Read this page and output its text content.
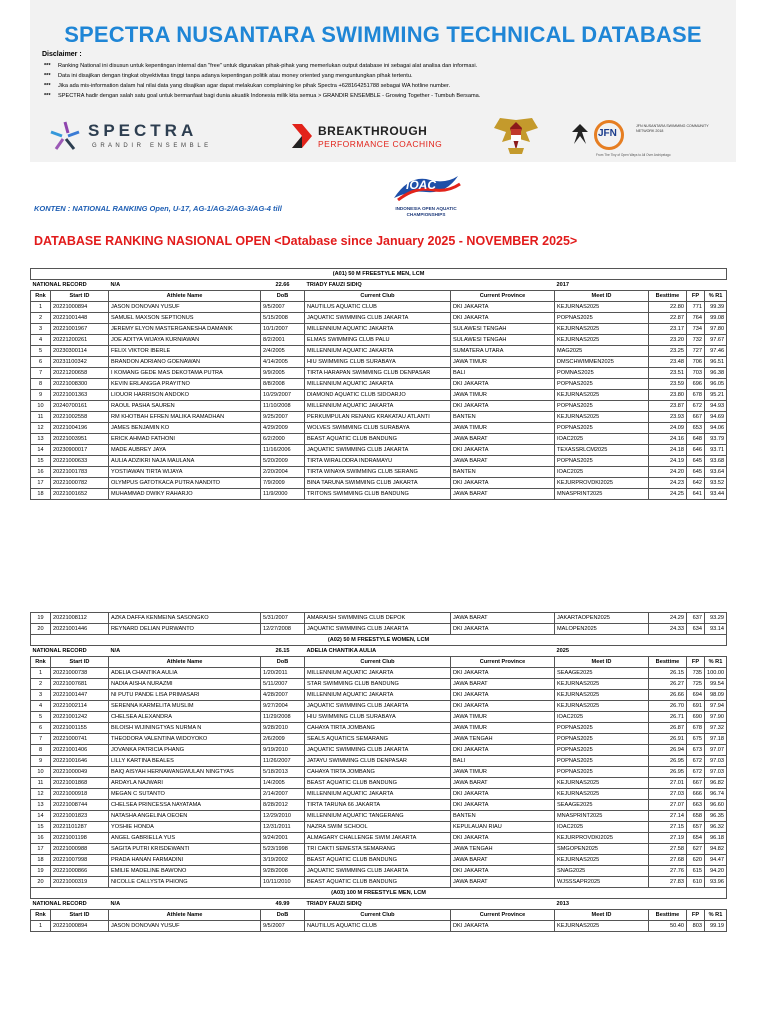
SPECTRA NUSANTARA SWIMMING TECHNICAL DATABASE
Disclaimer :
*** Ranking National ini disusun untuk kepentingan internal dan "free" untuk digunakan pihak-pihak yang memerlukan output database ini sebagai alat analisa dan informasi.
*** Data ini disajikan dengan tingkat obyektivitas tinggi tanpa adanya kepentingan politik atau money oriented yang menguntungkan pihak tertentu.
*** Jika ada mis-information dalam hal nilai data yang disajikan agar dapat melakukan complaining ke pihak Spectra +628164251788 sebagai WA hotline number.
*** SPECTRA hadir dengan salah satu goal untuk bermanfaat bagi dunia akuatik Indonesia milik kita semua > GRANDIR ENSEMBLE - Growing Together - Tumbuh Bersama.
SPECTRA
G R A N D I R   E N S E M B L E
BREAKTHROUGH
PERFORMANCE COACHING
JFN
JFN NUSANTARA SWIMMING COMMUNITY NETWORK 2018
From The Tiny of Open Ways to All Over Archipelago
KONTEN : NATIONAL RANKING Open, U-17, AG-1/AG-2/AG-3/AG-4 till
IOAC
INDONESIA OPEN AQUATIC CHAMPIONSHIPS
DATABASE RANKING NASIONAL OPEN <Database since January 2025 - NOVEMBER 2025>
(A01) 50 M FREESTYLE MEN, LCM									
NATIONAL RECORD		N/A	22.66	TRIADY FAUZI SIDIQ		2017			
Rnk	Start ID	Athlete Name	DoB	Current Club	Current Province	Meet ID	Besttime	FP	% R1
1	20221000894	JASON DONOVAN YUSUF	9/5/2007	NAUTILUS AQUATIC CLUB	DKI JAKARTA	KEJURNAS2025	22.80	771	99.39
2	20221001448	SAMUEL MAXSON SEPTIONUS	5/15/2008	JAQUATIC SWIMMING CLUB JAKARTA	DKI JAKARTA	POPNAS2025	22.87	764	99.08
3	20221001967	JEREMY ELYON MASTERGANESHA DAMANIK	10/1/2007	MILLENNIUM AQUATIC JAKARTA	SULAWESI TENGAH	KEJURNAS2025	23.17	734	97.80
4	20221200261	JOE ADITYA WIJAYA KURNIAWAN	8/2/2001	ELMAS SWIMMING CLUB PALU	SULAWESI TENGAH	KEJURNAS2025	23.20	732	97.67
5	20230300114	FELIX VIKTOR IBERLE	2/4/2005	MILLENNIUM AQUATIC JAKARTA	SUMATERA UTARA	MAG2025	23.25	727	97.46
6	20231100342	BRANDON ADRIANO GOENAWAN	4/14/2005	HIU SWIMMING CLUB SURABAYA	JAWA TIMUR	DMSCHWIMMEN2025	23.48	706	96.51
7	20221200658	I KOMANG GEDE MAS DEKOTAMA PUTRA	9/9/2005	TIRTA HARAPAN SWIMMING CLUB DENPASAR	BALI	POMNAS2025	23.51	703	96.38
8	20221008300	KEVIN ERLANGGA PRAYITNO	8/8/2008	MILLENNIUM AQUATIC JAKARTA	DKI JAKARTA	POPNAS2025	23.59	696	96.05
9	20221001363	LIOUOR HARRISON ANDOKO	10/29/2007	DIAMOND AQUATIC CLUB SIDOARJO	JAWA TIMUR	KEJURNAS2025	23.80	678	95.21
10	20240700161	RAOUL PASHA SAUREN	11/10/2008	MILLENNIUM AQUATIC JAKARTA	DKI JAKARTA	POPNAS2025	23.87	672	94.93
11	20221002558	RM KHOTBAH EFREN MALIKA RAMADHAN	9/25/2007	PERKUMPULAN RENANG KRAKATAU ATLANTI	BANTEN	KEJURNAS2025	23.93	667	94.69
12	20221004196	JAMES BENJAMIN KO	4/29/2009	WOLVES SWIMMING CLUB SURABAYA	JAWA TIMUR	POPNAS2025	24.09	653	94.06
13	20221003951	ERICK AHMAD FATHONI	6/2/2000	BEAST AQUATIC CLUB BANDUNG	JAWA BARAT	IOAC2025	24.16	648	93.79
14	20230900017	MADE AUBREY JAYA	11/16/2006	JAQUATIC SWIMMING CLUB JAKARTA	DKI JAKARTA	TEXASSRLCM2025	24.18	646	93.71
15	20221000633	AULIA ADZIKRI NAJA MAULANA	5/20/2009	TIRTA WIRALODRA INDRAMAYU	JAWA BARAT	POPNAS2025	24.19	645	93.68
16	20221001783	YOSTIAWAN TIRTA WIJAYA	2/20/2004	TIRTA WINAYA SWIMMING CLUB SERANG	BANTEN	IOAC2025	24.20	645	93.64
17	20221000782	OLYMPUS GATOTKACA PUTRA NANDITO	7/9/2009	BINA TARUNA SWIMMING CLUB JAKARTA	DKI JAKARTA	KEJURPROVDKI2025	24.23	642	93.52
18	20221001652	MUHAMMAD DWIKY RAHARJO	11/9/2000	TRITONS SWIMMING CLUB BANDUNG	JAWA BARAT	MNASPRINT2025	24.25	641	93.44
19	20221008112	AZKA DAFFA KENMEINA SASONGKO	5/31/2007	AMARAISH SWIMMING CLUB DEPOK	JAWA BARAT	JAKARTAOPEN2025	24.29	637	93.29
20	20221001446	REYNARD DELIAN PURWANTO	12/27/2008	JAQUATIC SWIMMING CLUB JAKARTA	DKI JAKARTA	MALOPEN2025	24.33	634	93.14
(A02) 50 M FREESTYLE WOMEN, LCM									
NATIONAL RECORD		N/A	26.15	ADELIA CHANTIKA AULIA		2025			
Rnk	Start ID	Athlete Name	DoB	Current Club	Current Province	Meet ID	Besttime	FP	% R1
1	20221000738	ADELIA CHANTIKA AULIA	1/20/2011	MILLENNIUM AQUATIC JAKARTA	DKI JAKARTA	SEAAGE2025	26.15	735	100.00
2	20221007681	NADIA AISHA NURAZMI	5/11/2007	STAR SWIMMING CLUB BANDUNG	JAWA BARAT	KEJURNAS2025	26.27	725	99.54
3	20221001447	NI PUTU PANDE LISA PRIMASARI	4/28/2007	MILLENNIUM AQUATIC JAKARTA	DKI JAKARTA	KEJURNAS2025	26.66	694	98.09
4	20221002114	SERENNA KARMELITA MUSLIM	9/27/2004	JAQUATIC SWIMMING CLUB JAKARTA	DKI JAKARTA	KEJURNAS2025	26.70	691	97.94
5	20221001242	CHELSEA ALEXANDRA	11/29/2008	HIU SWIMMING CLUB SURABAYA	JAWA TIMUR	IOAC2025	26.71	690	97.90
6	20221001155	BILOISH WIJININGTYAS NURMA N	9/28/2010	CAHAYA TIRTA JOMBANG	JAWA TIMUR	POPNAS2025	26.87	678	97.32
7	20221000741	THEODORA VALENTINA WIDOYOKO	2/6/2009	SEALS AQUATICS SEMARANG	JAWA TENGAH	POPNAS2025	26.91	675	97.18
8	20221001406	JOVANKA PATRICIA PHANG	9/19/2010	JAQUATIC SWIMMING CLUB JAKARTA	DKI JAKARTA	POPNAS2025	26.94	673	97.07
9	20221001646	LILLY KARTINA BEALES	11/26/2007	JATAYU SWIMMING CLUB DENPASAR	BALI	POPNAS2025	26.95	672	97.03
10	20221000049	BAIQ AISYAH HERNAWANGWULAN NINGTYAS	5/18/2013	CAHAYA TIRTA JOMBANG	JAWA TIMUR	POPNAS2025	26.95	672	97.03
11	20221001868	ARDAYLA NAJWARI	1/4/2005	BEAST AQUATIC CLUB BANDUNG	JAWA BARAT	KEJURNAS2025	27.01	667	96.82
12	20221000918	MEGAN C SUTANTO	2/14/2007	MILLENNIUM AQUATIC JAKARTA	DKI JAKARTA	KEJURNAS2025	27.03	666	96.74
13	20221008744	CHELSEA PRINCESSA NAYATAMA	8/28/2012	TIRTA TARUNA 66 JAKARTA	DKI JAKARTA	SEAAGE2025	27.07	663	96.60
14	20221001823	NATASHA ANGELINA OEOEN	12/29/2010	MILLENNIUM AQUATIC TANGERANG	BANTEN	MNASPRINT2025	27.14	658	96.35
15	20221101287	YOSHIE HONDA	12/31/2011	NAZRA SWIM SCHOOL	KEPULAUAN RIAU	IOAC2025	27.15	657	96.32
16	20221001198	ANGEL GABRIELLA YUS	9/24/2001	ALMAGARY CHALLENGE SWIM JAKARTA	DKI JAKARTA	KEJURPROVDKI2025	27.19	654	96.18
17	20221000988	SAGITA PUTRI KRISDEWANTI	5/23/1998	TRI CAKTI SEMESTA SEMARANG	JAWA TENGAH	SMGOPEN2025	27.58	627	94.82
18	20221007998	PRADA HANAN FARMADINI	3/19/2002	BEAST AQUATIC CLUB BANDUNG	JAWA BARAT	KEJURNAS2025	27.68	620	94.47
19	20221000866	EMILIE MADELINE BAWONO	9/28/2008	JAQUATIC SWIMMING CLUB JAKARTA	DKI JAKARTA	SNAG2025	27.76	615	94.20
20	20221000319	NICOLLE CALLYSTA PHIONG	10/11/2010	BEAST AQUATIC CLUB BANDUNG	JAWA BARAT	WJSSSAPR2025	27.83	610	93.96
(A03) 100 M FREESTYLE MEN, LCM									
NATIONAL RECORD		N/A	49.99	TRIADY FAUZI SIDIQ		2013			
Rnk	Start ID	Athlete Name	DoB	Current Club	Current Province	Meet ID	Besttime	FP	% R1
1	20221000894	JASON DONOVAN YUSUF	9/5/2007	NAUTILUS AQUATIC CLUB	DKI JAKARTA	KEJURNAS2025	50.40	803	99.19
